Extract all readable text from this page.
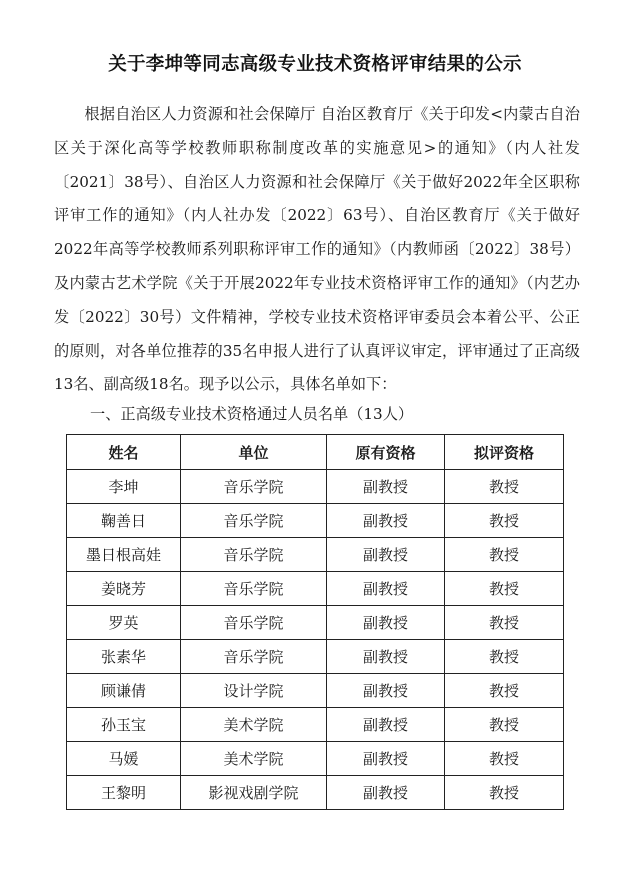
关于李坤等同志高级专业技术资格评审结果的公示

根据自治区人力资源和社会保障厅 自治区教育厅《关于印发<内蒙古自治区关于深化高等学校教师职称制度改革的实施意见>的通知》（内人社发〔2021〕38号）、自治区人力资源和社会保障厅《关于做好2022年全区职称评审工作的通知》（内人社办发〔2022〕63号）、自治区教育厅《关于做好2022年高等学校教师系列职称评审工作的通知》（内教师函〔2022〕38号）及内蒙古艺术学院《关于开展2022年专业技术资格评审工作的通知》（内艺办发〔2022〕30号）文件精神，学校专业技术资格评审委员会本着公平、公正的原则，对各单位推荐的35名申报人进行了认真评议审定，评审通过了正高级13名、副高级18名。现予以公示，具体名单如下：

一、正高级专业技术资格通过人员名单（13人）

姓名	单位	原有资格	拟评资格
李坤	音乐学院	副教授	教授
鞠善日	音乐学院	副教授	教授
墨日根高娃	音乐学院	副教授	教授
姜晓芳	音乐学院	副教授	教授
罗英	音乐学院	副教授	教授
张素华	音乐学院	副教授	教授
顾谦倩	设计学院	副教授	教授
孙玉宝	美术学院	副教授	教授
马媛	美术学院	副教授	教授
王黎明	影视戏剧学院	副教授	教授
